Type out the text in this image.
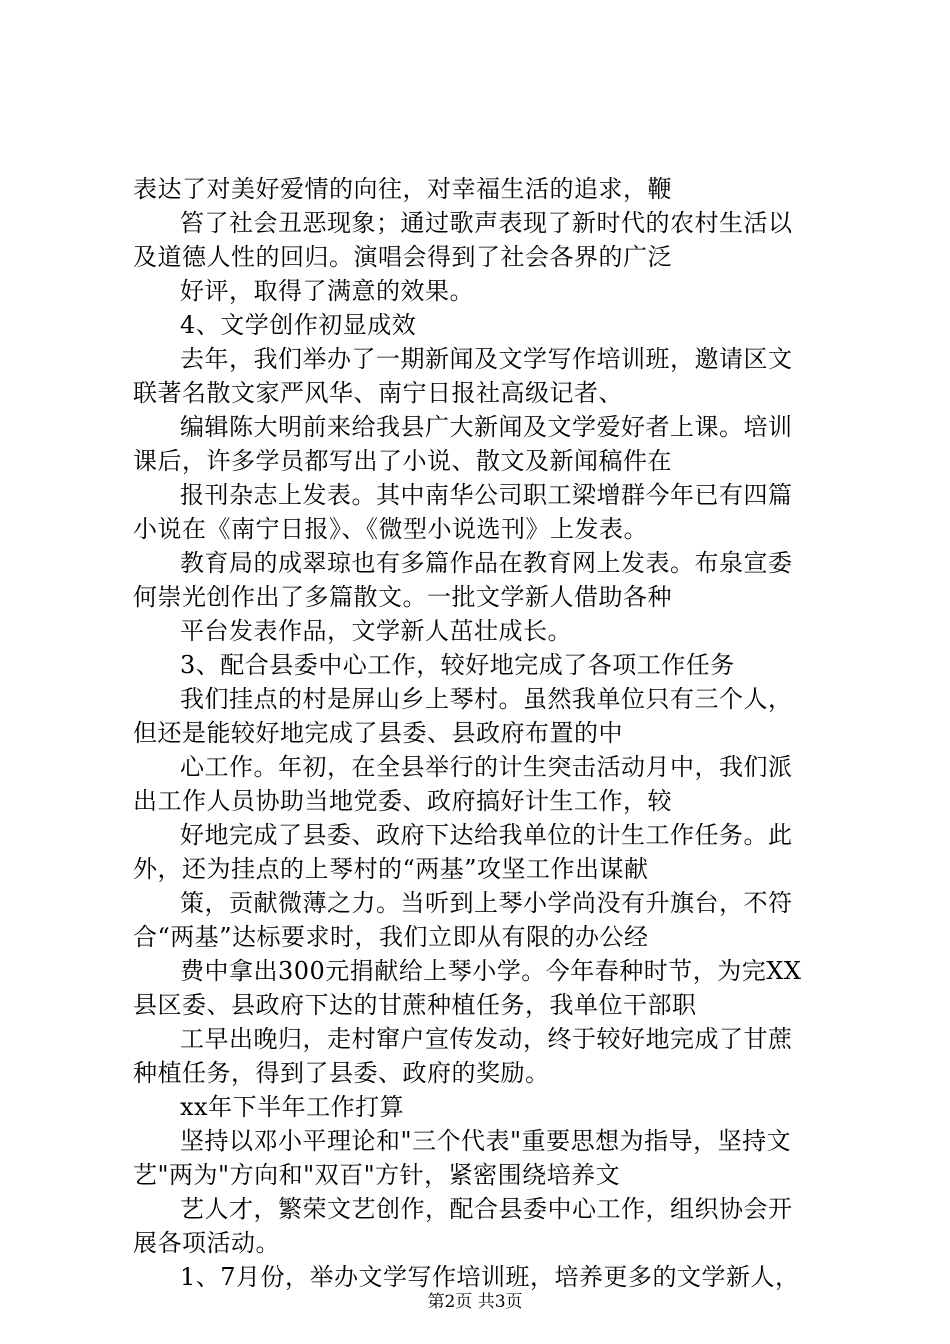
表达了对美好爱情的向往，对幸福生活的追求，鞭
笞了社会丑恶现象；通过歌声表现了新时代的农村生活以
及道德人性的回归。演唱会得到了社会各界的广泛
好评，取得了满意的效果。
4、文学创作初显成效
去年，我们举办了一期新闻及文学写作培训班，邀请区文
联著名散文家严风华、南宁日报社高级记者、
编辑陈大明前来给我县广大新闻及文学爱好者上课。培训
课后，许多学员都写出了小说、散文及新闻稿件在
报刊杂志上发表。其中南华公司职工梁增群今年已有四篇
小说在《南宁日报》、《微型小说选刊》上发表。
教育局的成翠琼也有多篇作品在教育网上发表。布泉宣委
何崇光创作出了多篇散文。一批文学新人借助各种
平台发表作品，文学新人茁壮成长。
3、配合县委中心工作，较好地完成了各项工作任务
我们挂点的村是屏山乡上琴村。虽然我单位只有三个人，
但还是能较好地完成了县委、县政府布置的中
心工作。年初，在全县举行的计生突击活动月中，我们派
出工作人员协助当地党委、政府搞好计生工作，较
好地完成了县委、政府下达给我单位的计生工作任务。此
外，还为挂点的上琴村的“两基”攻坚工作出谋献
策，贡献微薄之力。当听到上琴小学尚没有升旗台，不符
合“两基”达标要求时，我们立即从有限的办公经
费中拿出300元捐献给上琴小学。今年春种时节，为完XX
县区委、县政府下达的甘蔗种植任务，我单位干部职
工早出晚归，走村窜户宣传发动，终于较好地完成了甘蔗
种植任务，得到了县委、政府的奖励。
xx年下半年工作打算
坚持以邓小平理论和"三个代表"重要思想为指导，坚持文
艺"两为"方向和"双百"方针，紧密围绕培养文
艺人才，繁荣文艺创作，配合县委中心工作，组织协会开
展各项活动。
1、7月份，举办文学写作培训班，培养更多的文学新人，
第2页 共3页
